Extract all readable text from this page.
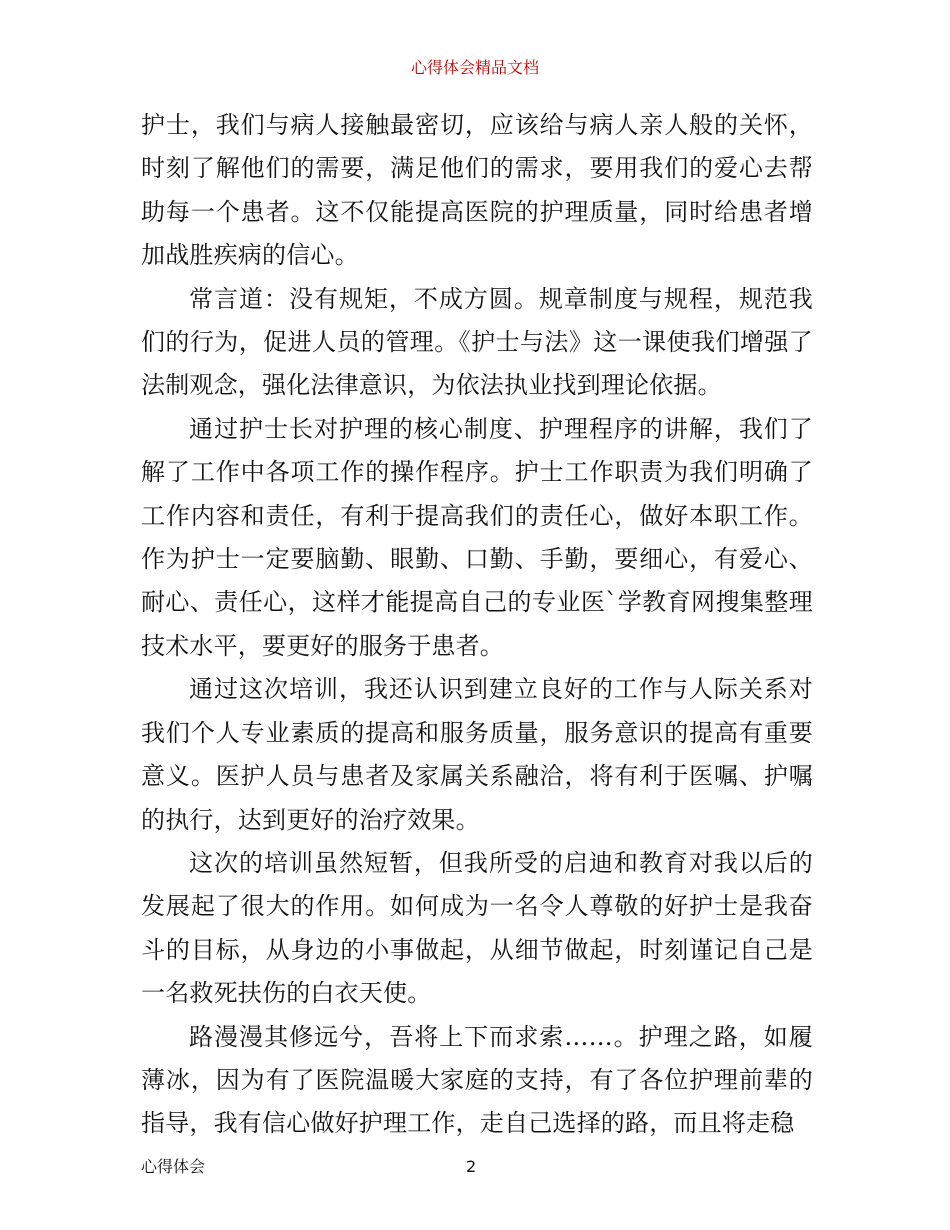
心得体会精品文档

护士，我们与病人接触最密切，应该给与病人亲人般的关怀，时刻了解他们的需要，满足他们的需求，要用我们的爱心去帮助每一个患者。这不仅能提高医院的护理质量，同时给患者增加战胜疾病的信心。

常言道：没有规矩，不成方圆。规章制度与规程，规范我们的行为，促进人员的管理。《护士与法》这一课使我们增强了法制观念，强化法律意识，为依法执业找到理论依据。

通过护士长对护理的核心制度、护理程序的讲解，我们了解了工作中各项工作的操作程序。护士工作职责为我们明确了工作内容和责任，有利于提高我们的责任心，做好本职工作。作为护士一定要脑勤、眼勤、口勤、手勤，要细心，有爱心、耐心、责任心，这样才能提高自己的专业医`学教育网搜集整理技术水平，要更好的服务于患者。

通过这次培训，我还认识到建立良好的工作与人际关系对我们个人专业素质的提高和服务质量，服务意识的提高有重要意义。医护人员与患者及家属关系融洽，将有利于医嘱、护嘱的执行，达到更好的治疗效果。

这次的培训虽然短暂，但我所受的启迪和教育对我以后的发展起了很大的作用。如何成为一名令人尊敬的好护士是我奋斗的目标，从身边的小事做起，从细节做起，时刻谨记自己是一名救死扶伤的白衣天使。

路漫漫其修远兮，吾将上下而求索……。护理之路，如履薄冰，因为有了医院温暖大家庭的支持，有了各位护理前辈的指导，我有信心做好护理工作，走自己选择的路，而且将走稳

心得体会	2
